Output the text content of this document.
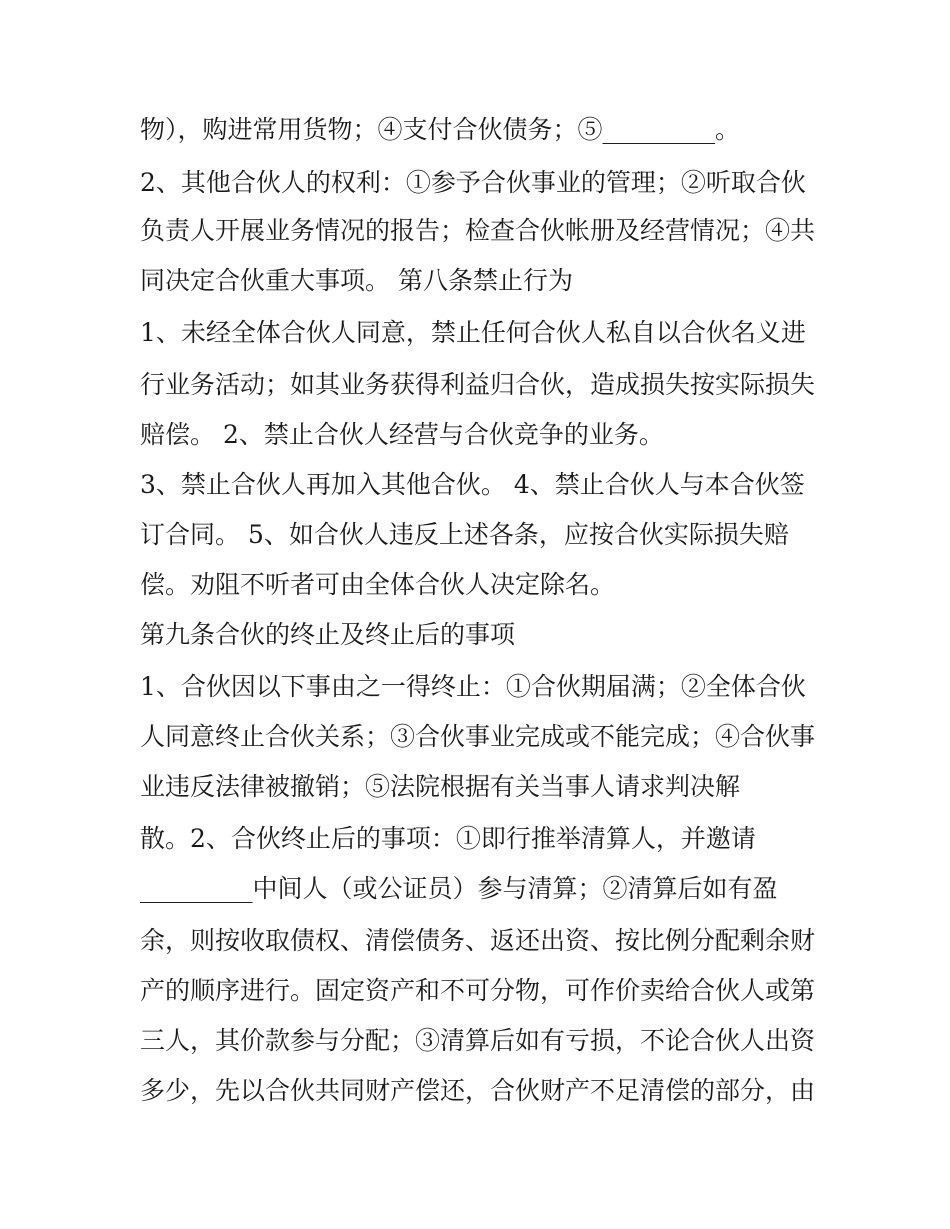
物），购进常用货物；④支付合伙债务；⑤_________。
2、其他合伙人的权利：①参予合伙事业的管理；②听取合伙
负责人开展业务情况的报告；检查合伙帐册及经营情况；④共
同决定合伙重大事项。 第八条禁止行为
1、未经全体合伙人同意，禁止任何合伙人私自以合伙名义进
行业务活动；如其业务获得利益归合伙，造成损失按实际损失
赔偿。 2、禁止合伙人经营与合伙竞争的业务。
3、禁止合伙人再加入其他合伙。 4、禁止合伙人与本合伙签
订合同。 5、如合伙人违反上述各条，应按合伙实际损失赔
偿。劝阻不听者可由全体合伙人决定除名。
第九条合伙的终止及终止后的事项
1、合伙因以下事由之一得终止：①合伙期届满；②全体合伙
人同意终止合伙关系；③合伙事业完成或不能完成；④合伙事
业违反法律被撤销；⑤法院根据有关当事人请求判决解
散。2、合伙终止后的事项：①即行推举清算人，并邀请
_________中间人（或公证员）参与清算；②清算后如有盈
余，则按收取债权、清偿债务、返还出资、按比例分配剩余财
产的顺序进行。固定资产和不可分物，可作价卖给合伙人或第
三人，其价款参与分配；③清算后如有亏损，不论合伙人出资
多少，先以合伙共同财产偿还，合伙财产不足清偿的部分，由
